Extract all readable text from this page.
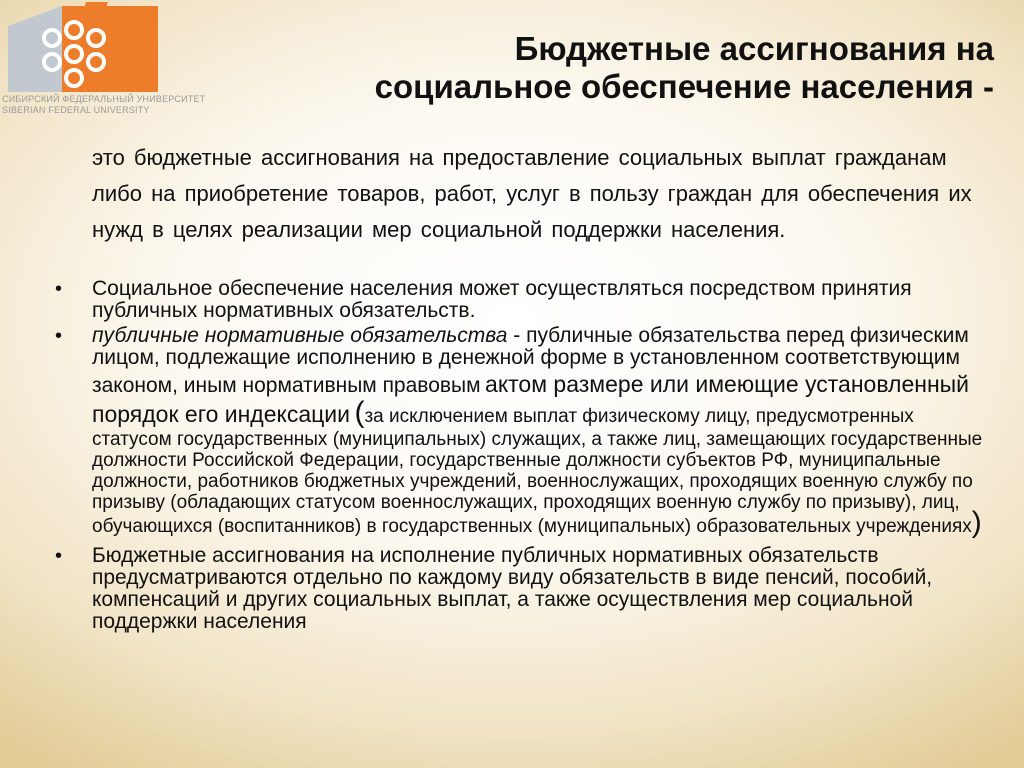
СИБИРСКИЙ ФЕДЕРАЛЬНЫЙ УНИВЕРСИТЕТ
SIBERIAN FEDERAL UNIVERSITY
Бюджетные ассигнования на
социальное обеспечение населения -

это бюджетные ассигнования на предоставление социальных выплат гражданам либо на приобретение товаров, работ, услуг в пользу граждан для обеспечения их нужд в целях реализации мер социальной поддержки населения.

• Социальное обеспечение населения может осуществляться посредством принятия публичных нормативных обязательств.
• публичные нормативные обязательства - публичные обязательства перед физическим лицом, подлежащие исполнению в денежной форме в установленном соответствующим законом, иным нормативным правовым актом размере или имеющие установленный порядок его индексации (за исключением выплат физическому лицу, предусмотренных статусом государственных (муниципальных) служащих, а также лиц, замещающих государственные должности Российской Федерации, государственные должности субъектов РФ, муниципальные должности, работников бюджетных учреждений, военнослужащих, проходящих военную службу по призыву (обладающих статусом военнослужащих, проходящих военную службу по призыву), лиц, обучающихся (воспитанников) в государственных (муниципальных) образовательных учреждениях)
• Бюджетные ассигнования на исполнение публичных нормативных обязательств предусматриваются отдельно по каждому виду обязательств в виде пенсий, пособий, компенсаций и других социальных выплат, а также осуществления мер социальной поддержки населения
